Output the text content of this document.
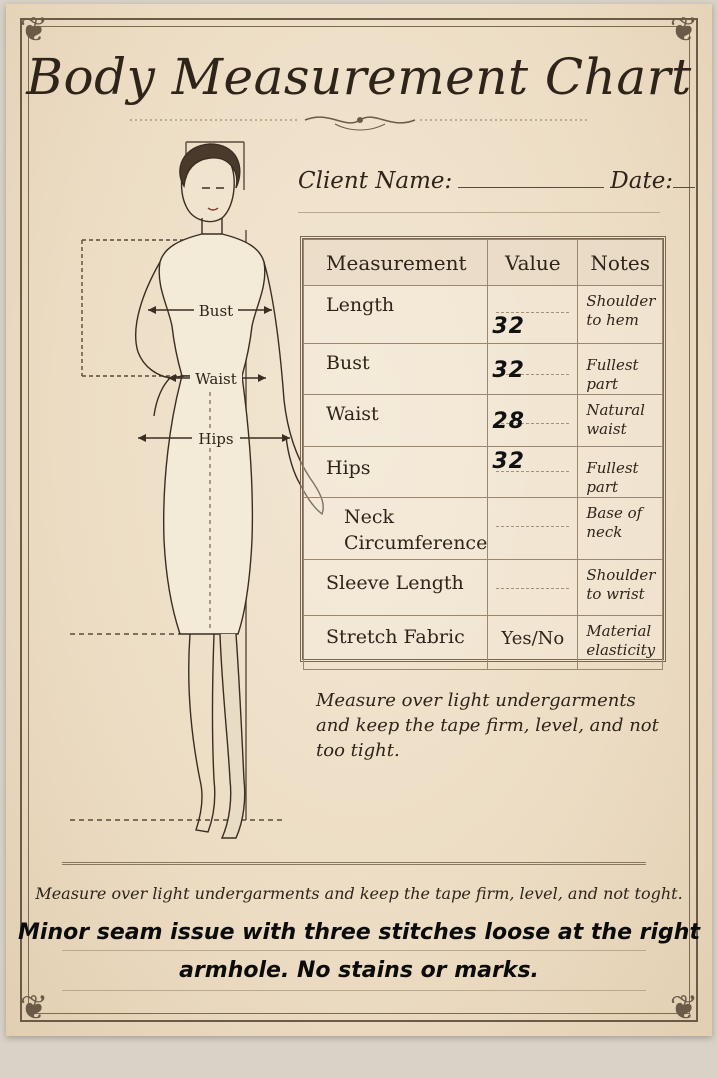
❦	❦
❦	❦
Body Measurement Chart
Client Name:	Date:
Bust
Waist
Hips
Measurement	Value	Notes
Length	32	Shoulder to hem
Bust	32	Fullest part
Waist	28	Natural waist
Hips	32	Fullest part
Neck Circumference		Base of neck
Sleeve Length		Shoulder to wrist
Stretch Fabric	Yes/No	Material elasticity
Measure over light undergarments and keep the tape firm, level, and not too tight.
Measure over light undergarments and keep the tape firm, level, and not toght.
Minor seam issue with three stitches loose at the right armhole. No stains or marks.
